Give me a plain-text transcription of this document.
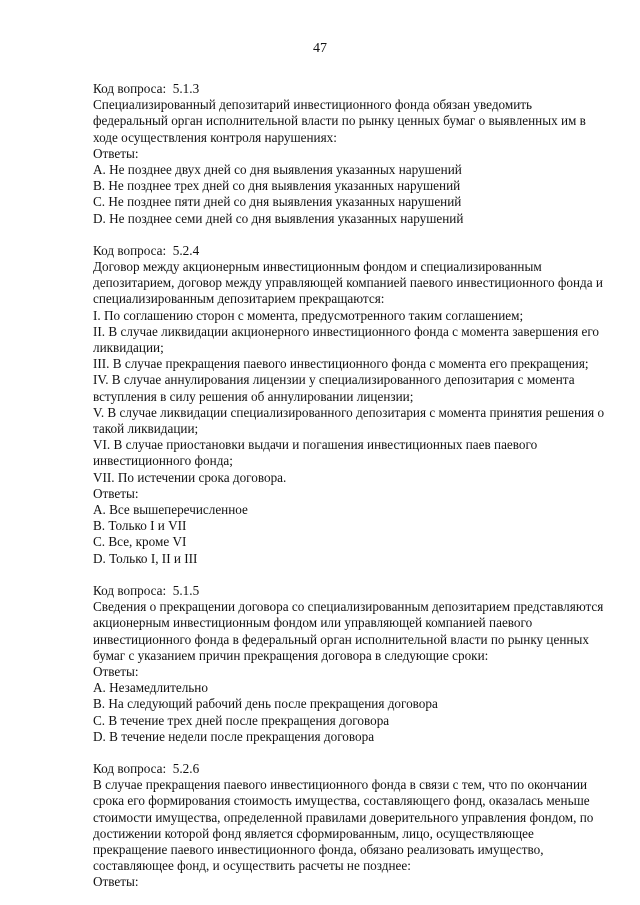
47
Код вопроса:  5.1.3
Специализированный депозитарий инвестиционного фонда обязан уведомить
федеральный орган исполнительной власти по рынку ценных бумаг о выявленных им в
ходе осуществления контроля нарушениях:
Ответы:
A. Не позднее двух дней со дня выявления указанных нарушений
B. Не позднее трех дней со дня выявления указанных нарушений
C. Не позднее пяти дней со дня выявления указанных нарушений
D. Не позднее семи дней со дня выявления указанных нарушений
Код вопроса:  5.2.4
Договор между акционерным инвестиционным фондом и специализированным
депозитарием, договор между управляющей компанией паевого инвестиционного фонда и
специализированным депозитарием прекращаются:
I. По соглашению сторон с момента, предусмотренного таким соглашением;
II. В случае ликвидации акционерного инвестиционного фонда с момента завершения его
ликвидации;
III. В случае прекращения паевого инвестиционного фонда с момента его прекращения;
IV. В случае аннулирования лицензии у специализированного депозитария с момента
вступления в силу решения об аннулировании лицензии;
V. В случае ликвидации специализированного депозитария с момента принятия решения о
такой ликвидации;
VI. В случае приостановки выдачи и погашения инвестиционных паев паевого
инвестиционного фонда;
VII. По истечении срока договора.
Ответы:
A. Все вышеперечисленное
B. Только I и VII
C. Все, кроме VI
D. Только I, II и III
Код вопроса:  5.1.5
Сведения о прекращении договора со специализированным депозитарием представляются
акционерным инвестиционным фондом или управляющей компанией паевого
инвестиционного фонда в федеральный орган исполнительной власти по рынку ценных
бумаг с указанием причин прекращения договора в следующие сроки:
Ответы:
A. Незамедлительно
B. На следующий рабочий день после прекращения договора
C. В течение трех дней после прекращения договора
D. В течение недели после прекращения договора
Код вопроса:  5.2.6
В случае прекращения паевого инвестиционного фонда в связи с тем, что по окончании
срока его формирования стоимость имущества, составляющего фонд, оказалась меньше
стоимости имущества, определенной правилами доверительного управления фондом, по
достижении которой фонд является сформированным, лицо, осуществляющее
прекращение паевого инвестиционного фонда, обязано реализовать имущество,
составляющее фонд, и осуществить расчеты не позднее:
Ответы:
